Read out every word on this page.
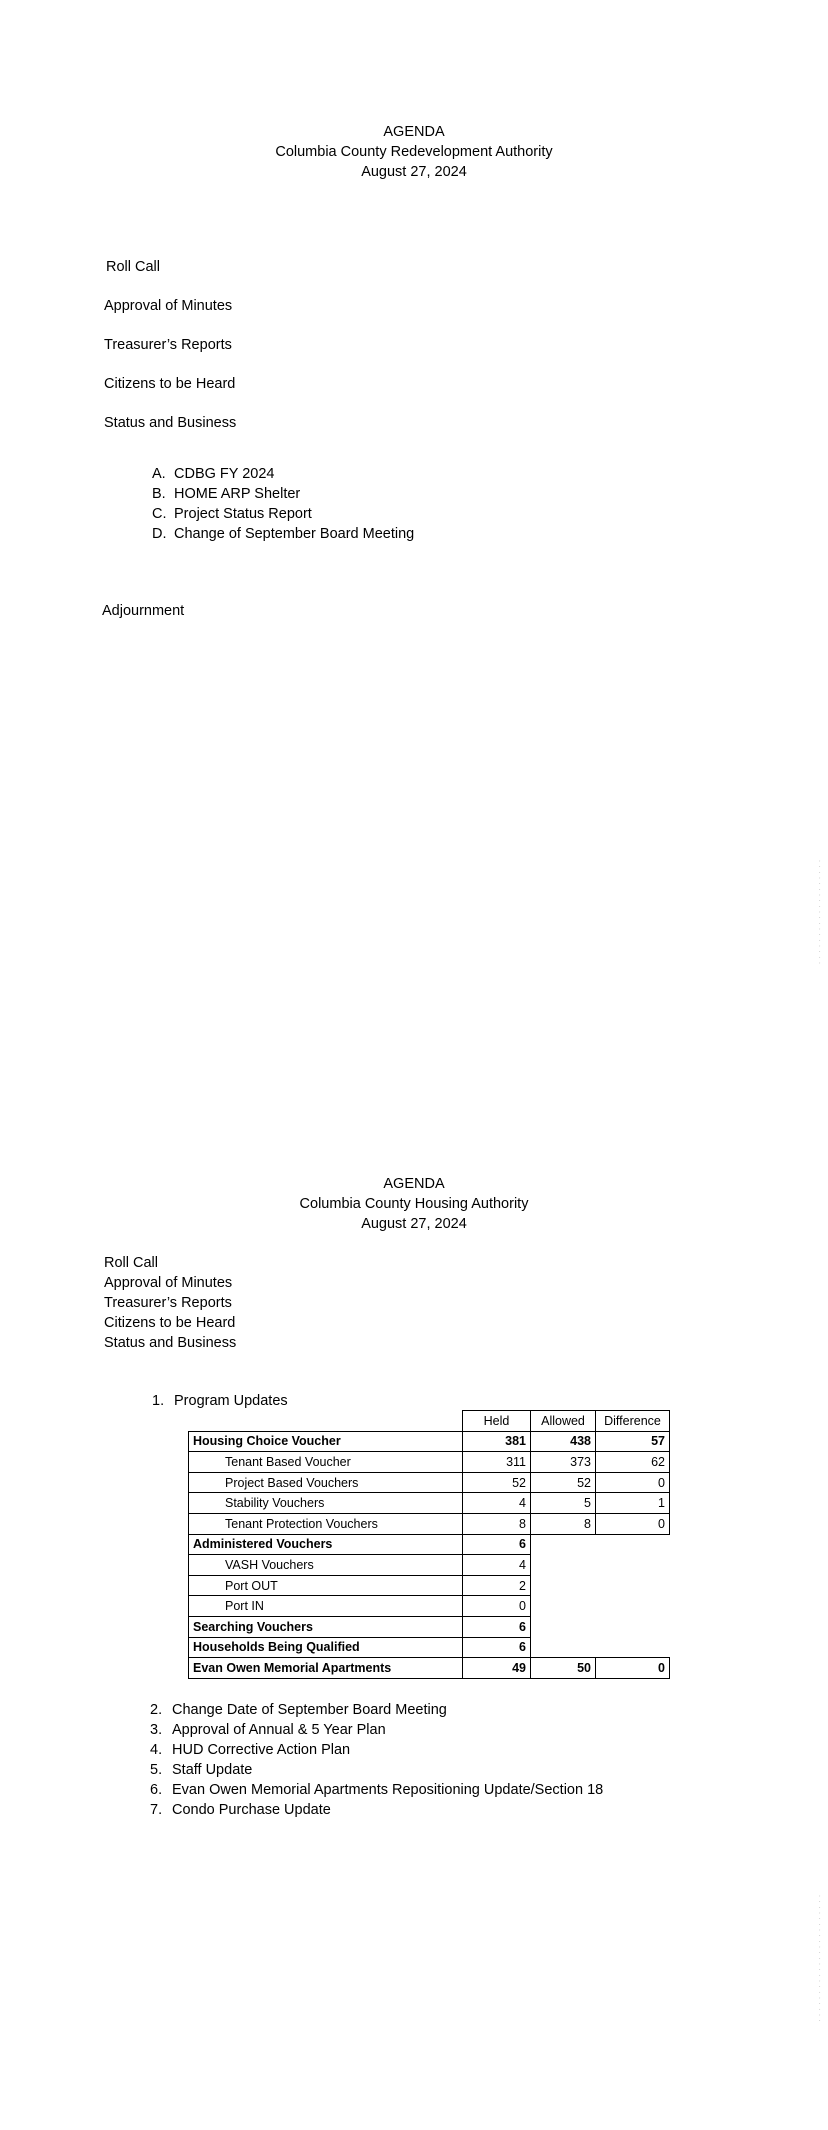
AGENDA
Columbia County Redevelopment Authority
August 27, 2024
Roll Call
Approval of Minutes
Treasurer’s Reports
Citizens to be Heard
Status and Business
A. CDBG FY 2024
B. HOME ARP Shelter
C. Project Status Report
D. Change of September Board Meeting
Adjournment
AGENDA
Columbia County Housing Authority
August 27, 2024
Roll Call
Approval of Minutes
Treasurer’s Reports
Citizens to be Heard
Status and Business
1. Program Updates
	Held	Allowed	Difference
Housing Choice Voucher	381	438	57
Tenant Based Voucher	311	373	62
Project Based Vouchers	52	52	0
Stability Vouchers	4	5	1
Tenant Protection Vouchers	8	8	0
Administered Vouchers	6		
VASH Vouchers	4		
Port OUT	2		
Port IN	0		
Searching Vouchers	6		
Households Being Qualified	6		
Evan Owen Memorial Apartments	49	50	0
2. Change Date of September Board Meeting
3. Approval of Annual & 5 Year Plan
4. HUD Corrective Action Plan
5. Staff Update
6. Evan Owen Memorial Apartments Repositioning Update/Section 18
7. Condo Purchase Update
· · · · · · · · · · · · · · · · · · ·
· · · · · · · · · · · · · · · · · · · · · · ·
